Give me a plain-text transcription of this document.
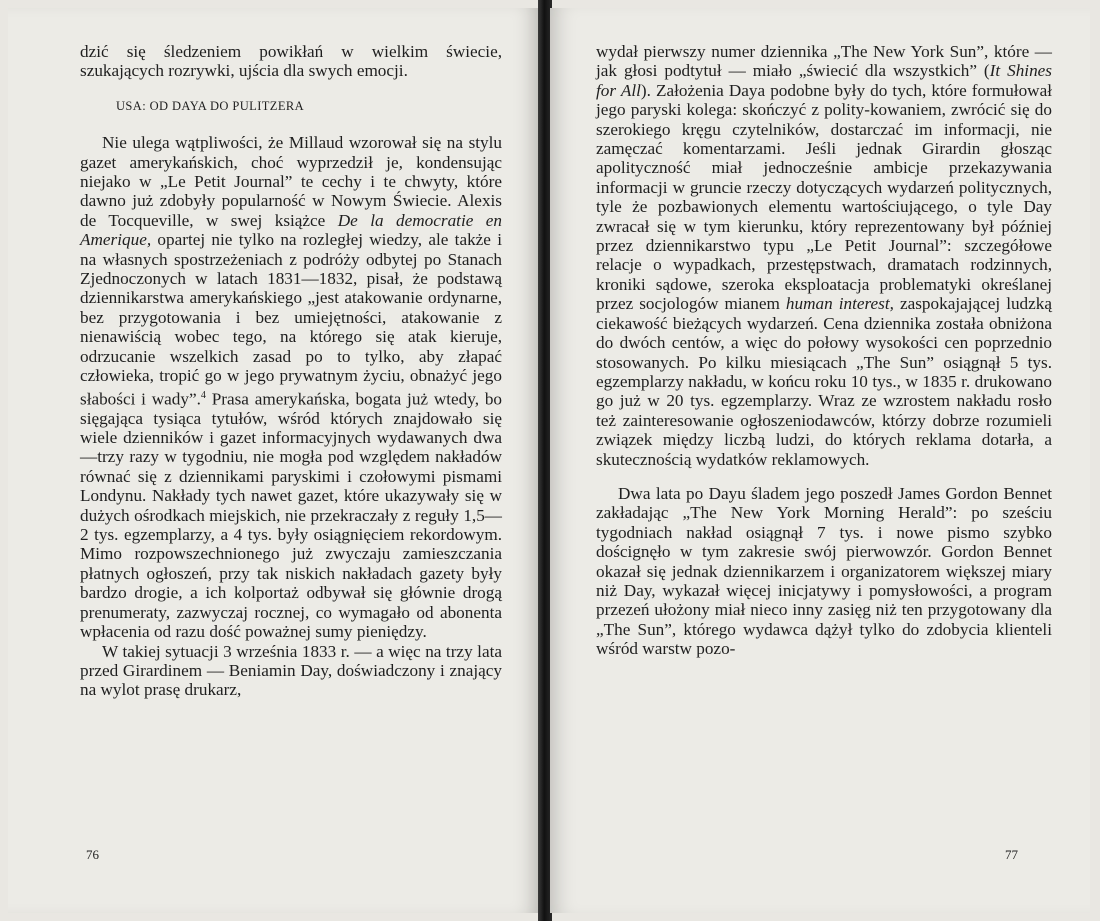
dzić się śledzeniem powikłań w wielkim świecie, szukających rozrywki, ujścia dla swych emocji.

USA: OD DAYA DO PULITZERA

Nie ulega wątpliwości, że Millaud wzorował się na stylu gazet amerykańskich, choć wyprzedził je, kondensując niejako w „Le Petit Journal” te cechy i te chwyty, które dawno już zdobyły popularność w Nowym Świecie. Alexis de Tocqueville, w swej książce De la democratie en Amerique, opartej nie tylko na rozległej wiedzy, ale także i na własnych spostrzeżeniach z podróży odbytej po Stanach Zjednoczonych w latach 1831—1832, pisał, że podstawą dziennikarstwa amerykańskiego „jest atakowanie ordynarne, bez przygotowania i bez umiejętności, atakowanie z nienawiścią wobec tego, na którego się atak kieruje, odrzucanie wszelkich zasad po to tylko, aby złapać człowieka, tropić go w jego prywatnym życiu, obnażyć jego słabości i wady”.$^4$ Prasa amerykańska, bogata już wtedy, bo sięgająca tysiąca tytułów, wśród których znajdowało się wiele dzienników i gazet informacyjnych wydawanych dwa—trzy razy w tygodniu, nie mogła pod względem nakładów równać się z dziennikami paryskimi i czołowymi pismami Londynu. Nakłady tych nawet gazet, które ukazywały się w dużych ośrodkach miejskich, nie przekraczały z reguły 1,5—2 tys. egzemplarzy, a 4 tys. były osiągnięciem rekordowym. Mimo rozpowszechnionego już zwyczaju zamieszczania płatnych ogłoszeń, przy tak niskich nakładach gazety były bardzo drogie, a ich kolportaż odbywał się głównie drogą prenumeraty, zazwyczaj rocznej, co wymagało od abonenta wpłacenia od razu dość poważnej sumy pieniędzy.

W takiej sytuacji 3 września 1833 r. — a więc na trzy lata przed Girardinem — Beniamin Day, doświadczony i znający na wylot prasę drukarz,

76

wydał pierwszy numer dziennika „The New York Sun”, które — jak głosi podtytuł — miało „świecić dla wszystkich” (It Shines for All). Założenia Daya podobne były do tych, które formułował jego paryski kolega: skończyć z polity-kowaniem, zwrócić się do szerokiego kręgu czytelników, dostarczać im informacji, nie zamęczać komentarzami. Jeśli jednak Girardin głosząc apolityczność miał jednocześnie ambicje przekazywania informacji w gruncie rzeczy dotyczących wydarzeń politycznych, tyle że pozbawionych elementu wartościującego, o tyle Day zwracał się w tym kierunku, który reprezentowany był później przez dziennikarstwo typu „Le Petit Journal”: szczegółowe relacje o wypadkach, przestępstwach, dramatach rodzinnych, kroniki sądowe, szeroka eksploatacja problematyki określanej przez socjologów mianem human interest, zaspokajającej ludzką ciekawość bieżących wydarzeń. Cena dziennika została obniżona do dwóch centów, a więc do połowy wysokości cen poprzednio stosowanych. Po kilku miesiącach „The Sun” osiągnął 5 tys. egzemplarzy nakładu, w końcu roku 10 tys., w 1835 r. drukowano go już w 20 tys. egzemplarzy. Wraz ze wzrostem nakładu rosło też zainteresowanie ogłoszeniodawców, którzy dobrze rozumieli związek między liczbą ludzi, do których reklama dotarła, a skutecznością wydatków reklamowych.

Dwa lata po Dayu śladem jego poszedł James Gordon Bennet zakładając „The New York Morning Herald”: po sześciu tygodniach nakład osiągnął 7 tys. i nowe pismo szybko doścignęło w tym zakresie swój pierwowzór. Gordon Bennet okazał się jednak dziennikarzem i organizatorem większej miary niż Day, wykazał więcej inicjatywy i pomysłowości, a program przezeń ułożony miał nieco inny zasięg niż ten przygotowany dla „The Sun”, którego wydawca dążył tylko do zdobycia klienteli wśród warstw pozo-

77
